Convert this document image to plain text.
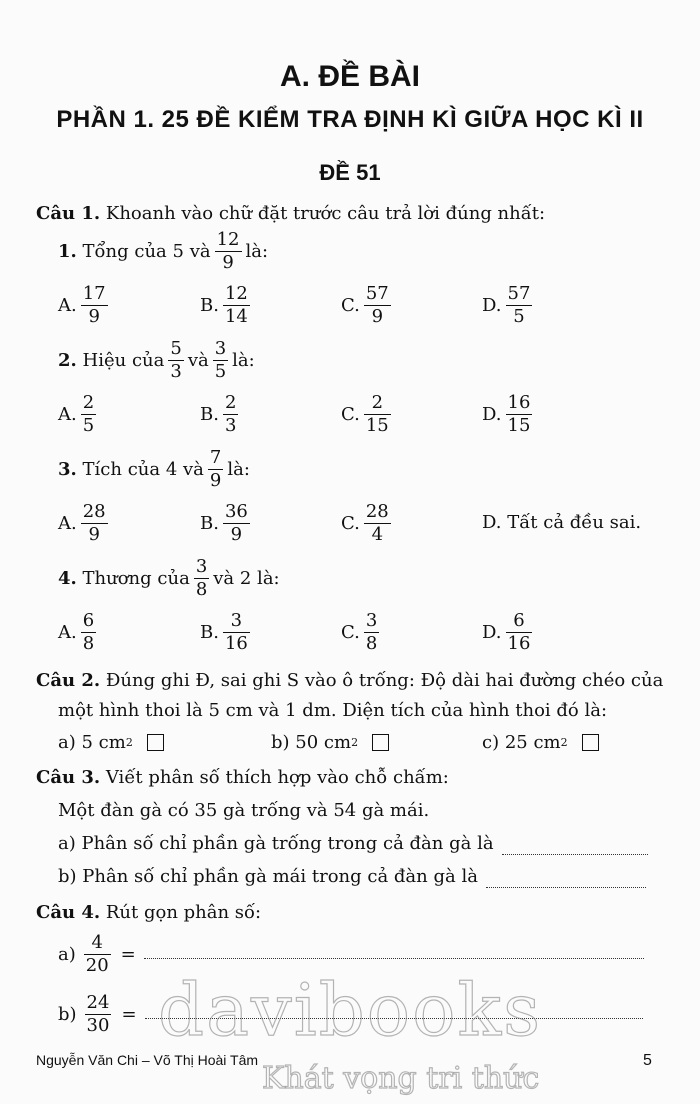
A. ĐỀ BÀI
PHẦN 1. 25 ĐỀ KIỂM TRA ĐỊNH KÌ GIỮA HỌC KÌ II
ĐỀ 51
Câu 1. Khoanh vào chữ đặt trước câu trả lời đúng nhất:
1.
Tổng của 5 và $\frac{12}{9}$ là:
A. $\frac{17}{9}$	B. $\frac{12}{14}$	C. $\frac{57}{9}$	D. $\frac{57}{5}$
2.
Hiệu của $\frac{5}{3}$ và $\frac{3}{5}$ là:
A. $\frac{2}{5}$	B. $\frac{2}{3}$	C. $\frac{2}{15}$	D. $\frac{16}{15}$
3.
Tích của 4 và $\frac{7}{9}$ là:
A. $\frac{28}{9}$	B. $\frac{36}{9}$	C. $\frac{28}{4}$	D.
Tất cả đều sai.
4.
Thương của $\frac{3}{8}$ và 2 là:
A. $\frac{6}{8}$	B. $\frac{3}{16}$	C. $\frac{3}{8}$	D. $\frac{6}{16}$
Câu 2. Đúng ghi Đ, sai ghi S vào ô trống: Độ dài hai đường chéo của
một hình thoi là 5 cm và 1 dm. Diện tích của hình thoi đó là:
a)
5 cm 2	b)
50 cm 2	c)
25 cm 2
Câu 3. Viết phân số thích hợp vào chỗ chấm:
Một đàn gà có 35 gà trống và 54 gà mái.
a) Phân số chỉ phần gà trống trong cả đàn gà là
b) Phân số chỉ phần gà mái trong cả đàn gà là
Câu 4. Rút gọn phân số:
$a) \frac{4}{20}$ =
$b) \frac{24}{30}$ = davibooks
Khát vọng tri thức
Nguyễn Văn Chi – Võ Thị Hoài Tâm	5
